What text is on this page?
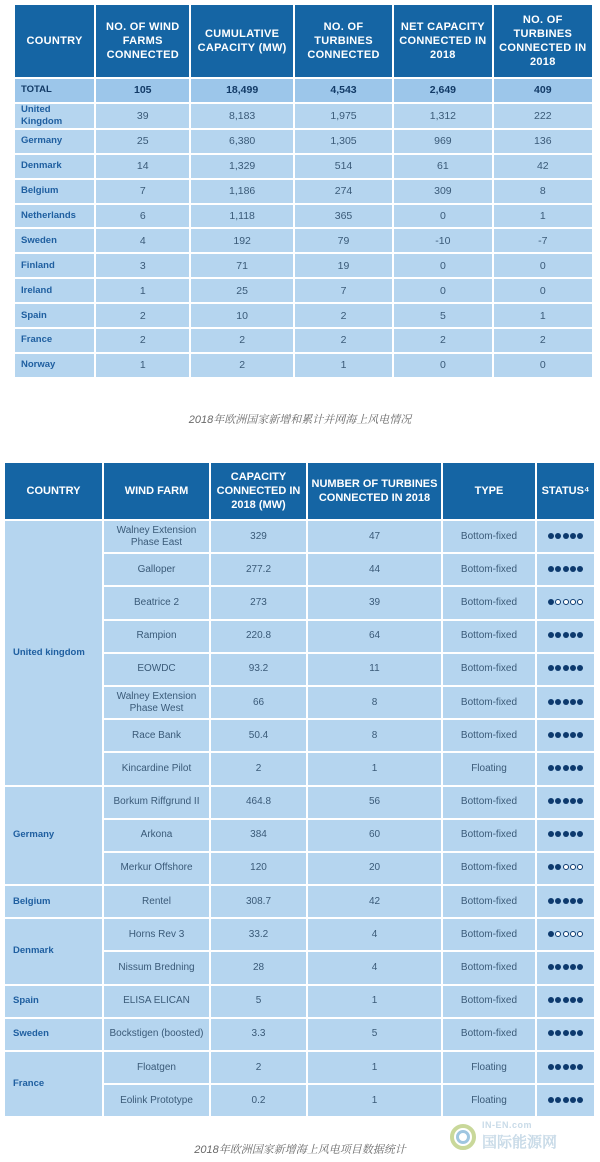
COUNTRY	NO. OF WIND FARMS CONNECTED	CUMULATIVE CAPACITY (MW)	NO. OF TURBINES CONNECTED	NET CAPACITY CONNECTED IN 2018	NO. OF TURBINES CONNECTED IN 2018
TOTAL	105	18,499	4,543	2,649	409
United Kingdom	39	8,183	1,975	1,312	222
Germany	25	6,380	1,305	969	136
Denmark	14	1,329	514	61	42
Belgium	7	1,186	274	309	8
Netherlands	6	1,118	365	0	1
Sweden	4	192	79	-10	-7
Finland	3	71	19	0	0
Ireland	1	25	7	0	0
Spain	2	10	2	5	1
France	2	2	2	2	2
Norway	1	2	1	0	0
2018年欧洲国家新增和累计并网海上风电情况
COUNTRY	WIND FARM	CAPACITY CONNECTED IN 2018 (MW)	NUMBER OF TURBINES CONNECTED IN 2018	TYPE	STATUS⁴
United kingdom	Walney Extension Phase East	329	47	Bottom-fixed	
	Galloper	277.2	44	Bottom-fixed	
	Beatrice 2	273	39	Bottom-fixed	
	Rampion	220.8	64	Bottom-fixed	
	EOWDC	93.2	11	Bottom-fixed	
	Walney Extension Phase West	66	8	Bottom-fixed	
	Race Bank	50.4	8	Bottom-fixed	
	Kincardine Pilot	2	1	Floating	
Germany	Borkum Riffgrund II	464.8	56	Bottom-fixed	
	Arkona	384	60	Bottom-fixed	
	Merkur Offshore	120	20	Bottom-fixed	
Belgium	Rentel	308.7	42	Bottom-fixed	
Denmark	Horns Rev 3	33.2	4	Bottom-fixed	
	Nissum Bredning	28	4	Bottom-fixed	
Spain	ELISA ELICAN	5	1	Bottom-fixed	
Sweden	Bockstigen (boosted)	3.3	5	Bottom-fixed	
France	Floatgen	2	1	Floating	
	Eolink Prototype	0.2	1	Floating	
2018年欧洲国家新增海上风电项目数据统计
IN-EN.com
国际能源网
